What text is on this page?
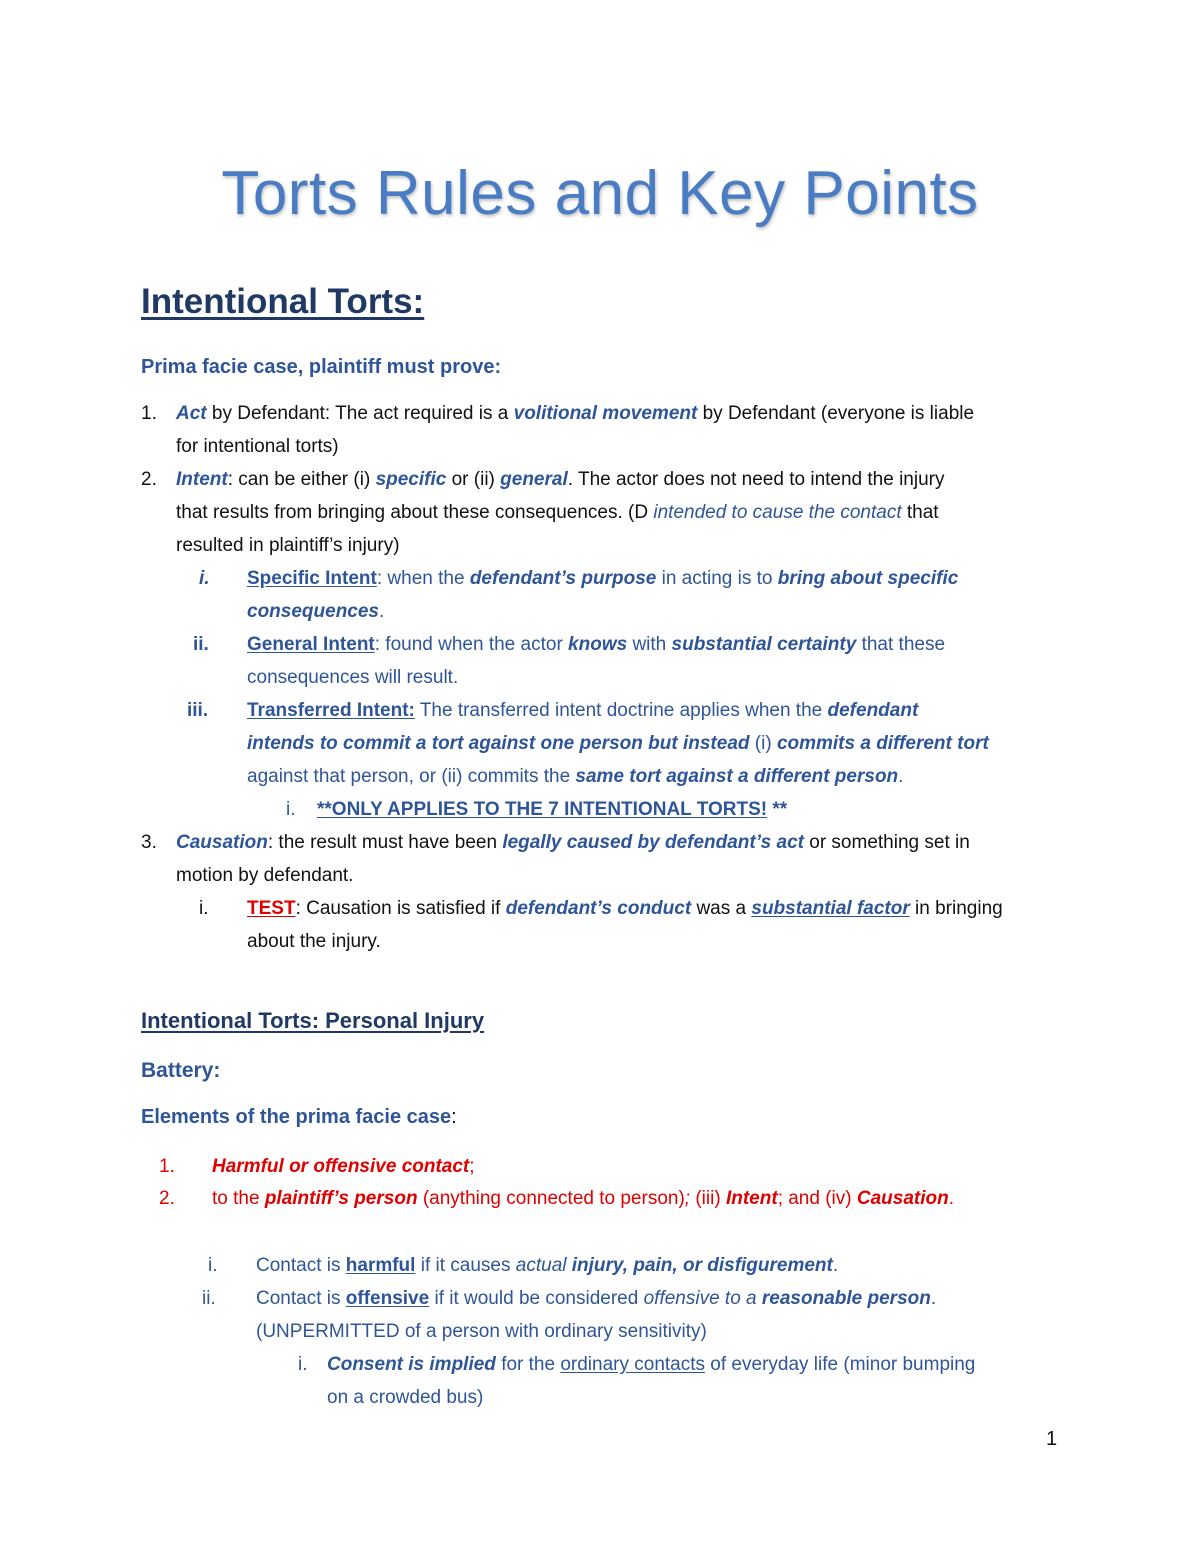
Torts Rules and Key Points
Intentional Torts:
Prima facie case, plaintiff must prove:
1. Act by Defendant: The act required is a volitional movement by Defendant (everyone is liable
for intentional torts)
2. Intent: can be either (i) specific or (ii) general. The actor does not need to intend the injury
that results from bringing about these consequences. (D intended to cause the contact that
resulted in plaintiff’s injury)
i. Specific Intent: when the defendant’s purpose in acting is to bring about specific
consequences.
ii. General Intent: found when the actor knows with substantial certainty that these
consequences will result.
iii. Transferred Intent: The transferred intent doctrine applies when the defendant
intends to commit a tort against one person but instead (i) commits a different tort
against that person, or (ii) commits the same tort against a different person.
i. **ONLY APPLIES TO THE 7 INTENTIONAL TORTS! **
3. Causation: the result must have been legally caused by defendant’s act or something set in
motion by defendant.
i. TEST: Causation is satisfied if defendant’s conduct was a substantial factor in bringing
about the injury.
Intentional Torts: Personal Injury
Battery:
Elements of the prima facie case:
1. Harmful or offensive contact;
2. to the plaintiff’s person (anything connected to person); (iii) Intent; and (iv) Causation.
i. Contact is harmful if it causes actual injury, pain, or disfigurement.
ii. Contact is offensive if it would be considered offensive to a reasonable person.
(UNPERMITTED of a person with ordinary sensitivity)
i. Consent is implied for the ordinary contacts of everyday life (minor bumping
on a crowded bus)
1
